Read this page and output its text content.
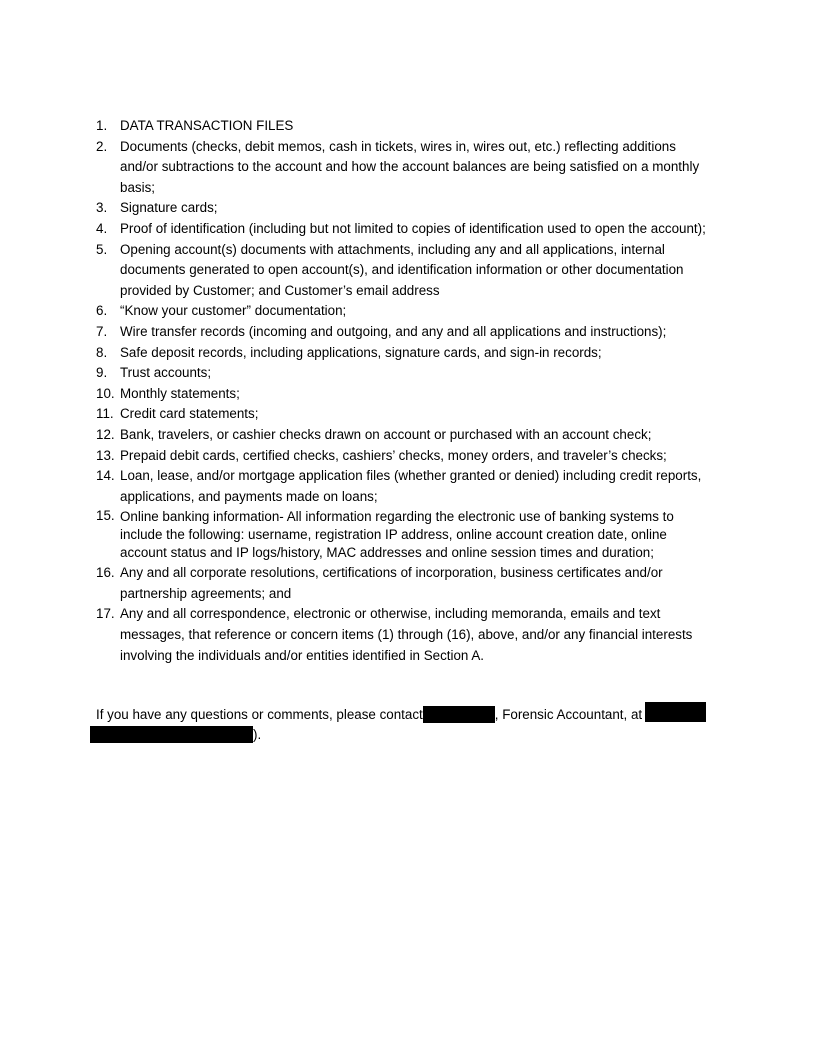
1. DATA TRANSACTION FILES
2. Documents (checks, debit memos, cash in tickets, wires in, wires out, etc.) reflecting additions and/or subtractions to the account and how the account balances are being satisfied on a monthly basis;
3. Signature cards;
4. Proof of identification (including but not limited to copies of identification used to open the account);
5. Opening account(s) documents with attachments, including any and all applications, internal documents generated to open account(s), and identification information or other documentation provided by Customer; and Customer’s email address
6. “Know your customer” documentation;
7. Wire transfer records (incoming and outgoing, and any and all applications and instructions);
8. Safe deposit records, including applications, signature cards, and sign-in records;
9. Trust accounts;
10. Monthly statements;
11. Credit card statements;
12. Bank, travelers, or cashier checks drawn on account or purchased with an account check;
13. Prepaid debit cards, certified checks, cashiers’ checks, money orders, and traveler’s checks;
14. Loan, lease, and/or mortgage application files (whether granted or denied) including credit reports, applications, and payments made on loans;
15. Online banking information- All information regarding the electronic use of banking systems to include the following: username, registration IP address, online account creation date, online account status and IP logs/history, MAC addresses and online session times and duration;
16. Any and all corporate resolutions, certifications of incorporation, business certificates and/or partnership agreements; and
17. Any and all correspondence, electronic or otherwise, including memoranda, emails and text messages, that reference or concern items (1) through (16), above, and/or any financial interests involving the individuals and/or entities identified in Section A.
If you have any questions or comments, please contact	, Forensic Accountant, at
).
